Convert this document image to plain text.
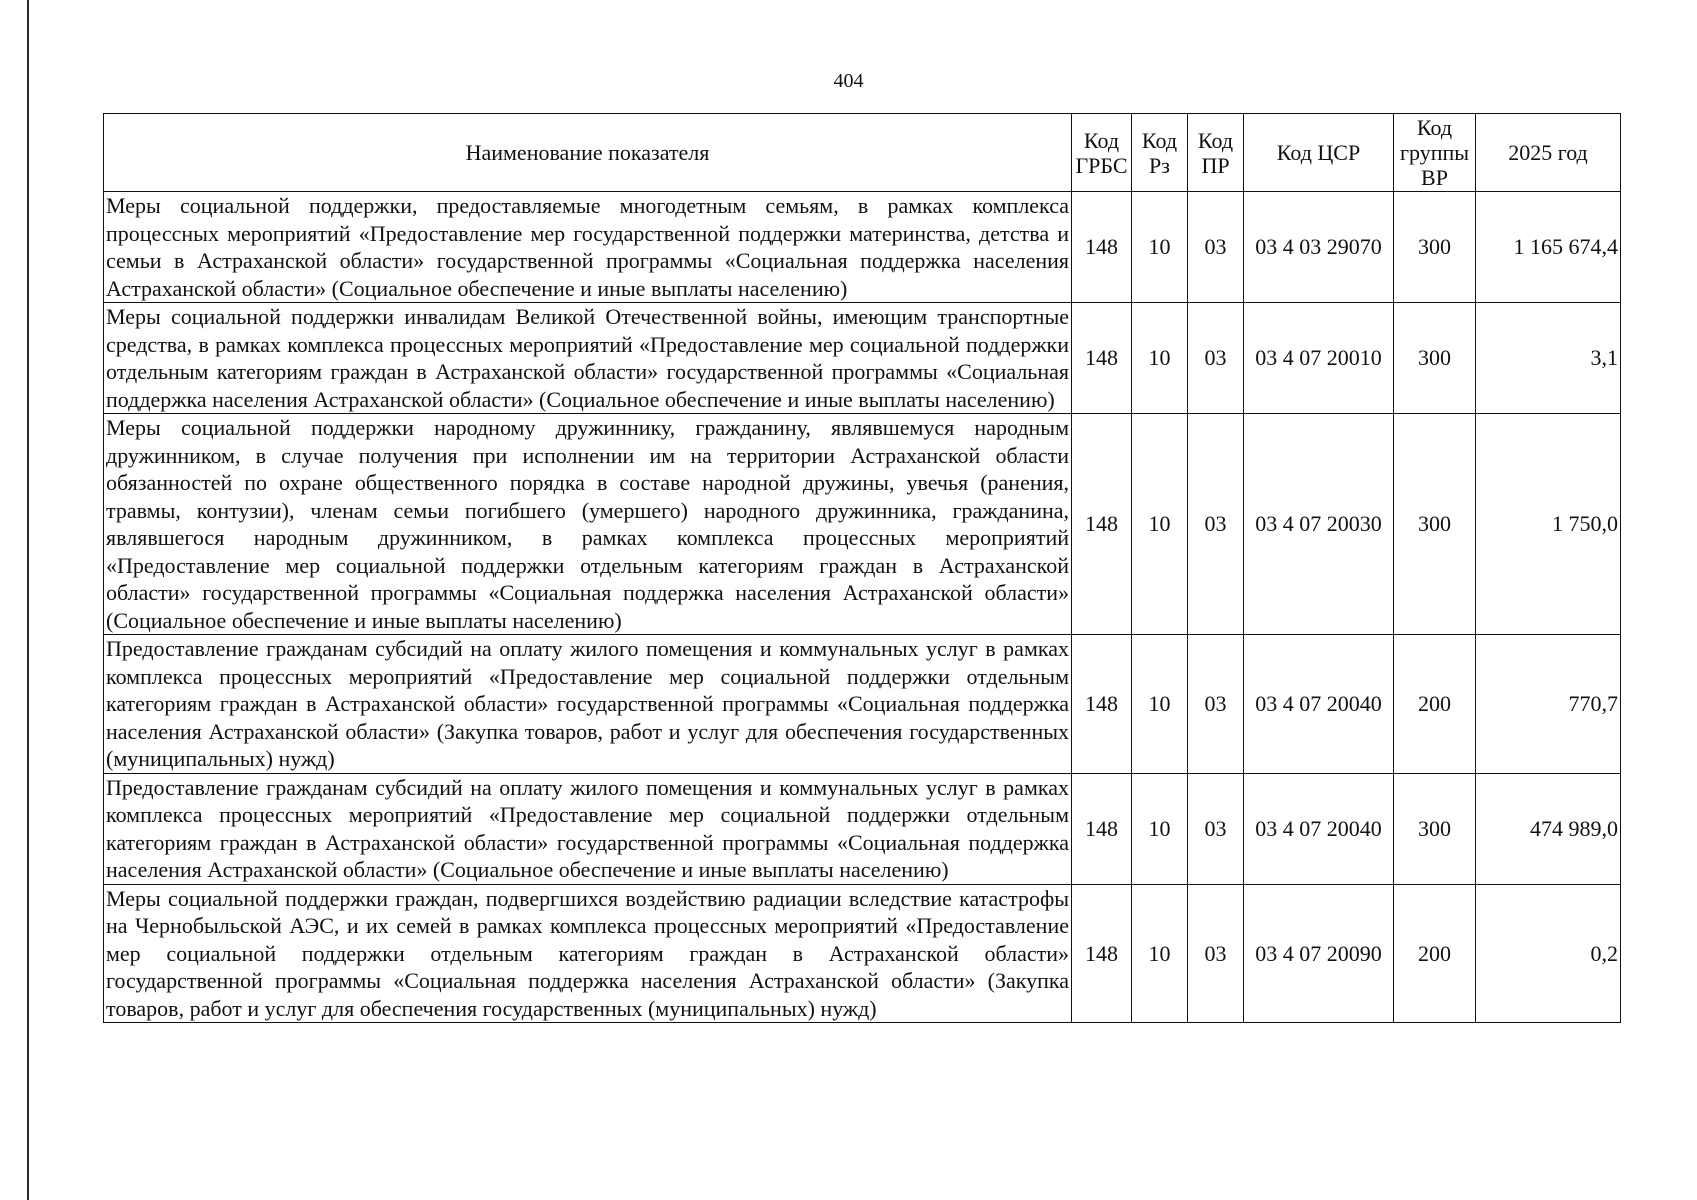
404
Наименование показателя	Код ГРБС	Код Рз	Код ПР	Код ЦСР	Код группы ВР	2025 год
Меры социальной поддержки, предоставляемые многодетным семьям, в рамках комплекса процессных мероприятий «Предоставление мер государственной поддержки материнства, детства и семьи в Астраханской области» государственной программы «Социальная поддержка населения Астраханской области» (Социальное обеспечение и иные выплаты населению)	148	10	03	03 4 03 29070	300	1 165 674,4
Меры социальной поддержки инвалидам Великой Отечественной войны, имеющим транспортные средства, в рамках комплекса процессных мероприятий «Предоставление мер социальной поддержки отдельным категориям граждан в Астраханской области» государственной программы «Социальная поддержка населения Астраханской области» (Социальное обеспечение и иные выплаты населению)	148	10	03	03 4 07 20010	300	3,1
Меры социальной поддержки народному дружиннику, гражданину, являвшемуся народным дружинником, в случае получения при исполнении им на территории Астраханской области обязанностей по охране общественного порядка в составе народной дружины, увечья (ранения, травмы, контузии), членам семьи погибшего (умершего) народного дружинника, гражданина, являвшегося народным дружинником, в рамках комплекса процессных мероприятий «Предоставление мер социальной поддержки отдельным категориям граждан в Астраханской области» государственной программы «Социальная поддержка населения Астраханской области» (Социальное обеспечение и иные выплаты населению)	148	10	03	03 4 07 20030	300	1 750,0
Предоставление гражданам субсидий на оплату жилого помещения и коммунальных услуг в рамках комплекса процессных мероприятий «Предоставление мер социальной поддержки отдельным категориям граждан в Астраханской области» государственной программы «Социальная поддержка населения Астраханской области» (Закупка товаров, работ и услуг для обеспечения государственных (муниципальных) нужд)	148	10	03	03 4 07 20040	200	770,7
Предоставление гражданам субсидий на оплату жилого помещения и коммунальных услуг в рамках комплекса процессных мероприятий «Предоставление мер социальной поддержки отдельным категориям граждан в Астраханской области» государственной программы «Социальная поддержка населения Астраханской области» (Социальное обеспечение и иные выплаты населению)	148	10	03	03 4 07 20040	300	474 989,0
Меры социальной поддержки граждан, подвергшихся воздействию радиации вследствие катастрофы на Чернобыльской АЭС, и их семей в рамках комплекса процессных мероприятий «Предоставление мер социальной поддержки отдельным категориям граждан в Астраханской области» государственной программы «Социальная поддержка населения Астраханской области» (Закупка товаров, работ и услуг для обеспечения государственных (муниципальных) нужд)	148	10	03	03 4 07 20090	200	0,2
